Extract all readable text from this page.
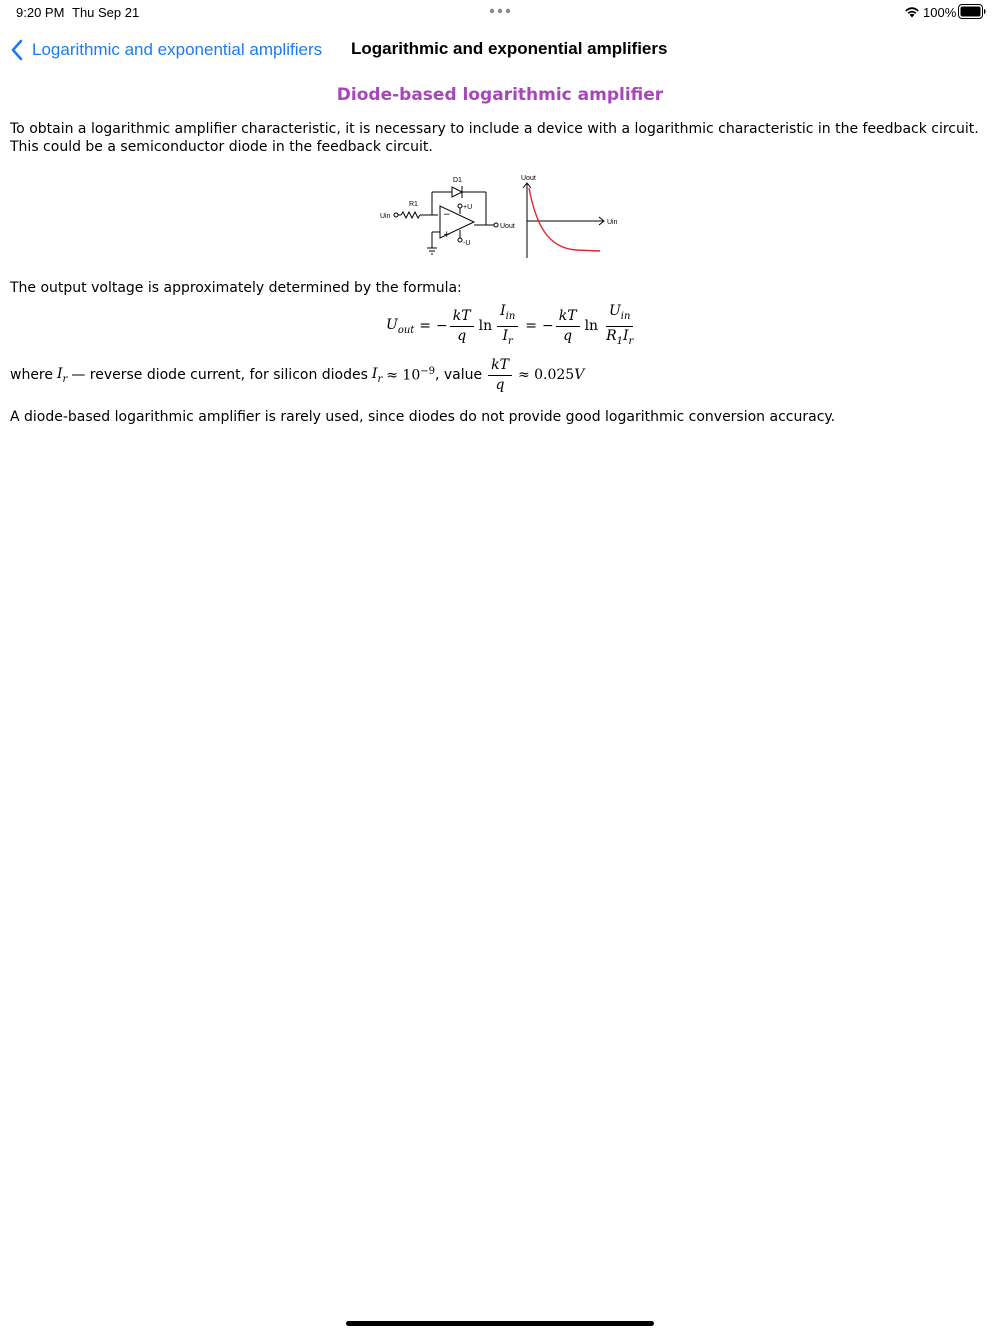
9:20 PM Thu Sep 21	100%
Logarithmic and exponential amplifiers Logarithmic and exponential amplifiers
Diode-based logarithmic amplifier
To obtain a logarithmic amplifier characteristic, it is necessary to include a device with a logarithmic characteristic in the feedback circuit. This could be a semiconductor diode in the feedback circuit.
−
+
D1
R1
Uin
+U
-U
Uout
Uout
Uin
The output voltage is approximately determined by the formula:
$U_{out}$ = − $\frac{kT}{q}$ $\ln \frac{I_{in}}{I_r}$ = − $\frac{kT}{q}$ $\ln \frac{U_{in}}{R_1I_r}$
where $I_r$ — reverse diode current, for silicon diodes $I_r \approx 10^{-9}$ , value $\frac{kT}{q} \approx 0.025$ V
A diode-based logarithmic amplifier is rarely used, since diodes do not provide good logarithmic conversion accuracy.
